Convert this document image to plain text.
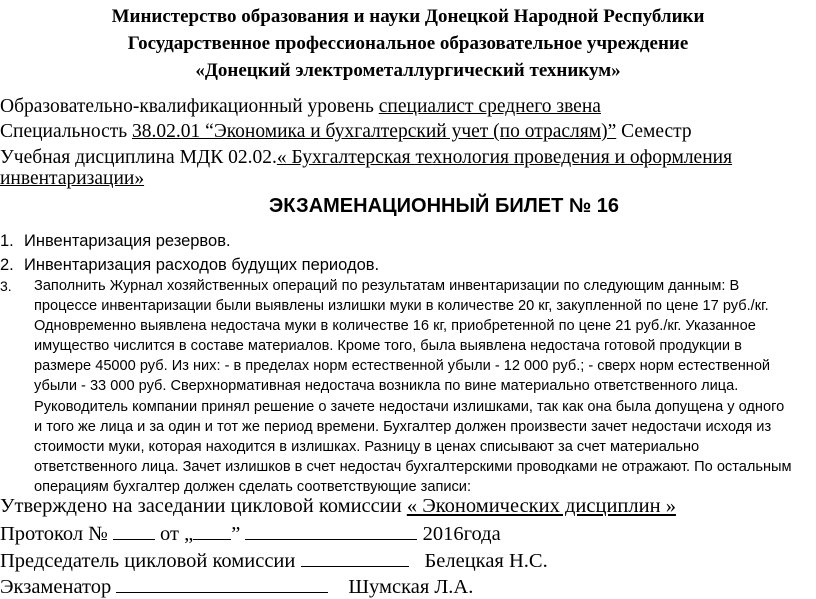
Министерство образования и науки Донецкой Народной Республики
Государственное профессиональное образовательное учреждение
«Донецкий электрометаллургический техникум»
Образовательно-квалификационный уровень специалист среднего звена
Специальность 38.02.01 “Экономика и бухгалтерский учет (по отраслям)” Семестр
Учебная дисциплина МДК 02.02.« Бухгалтерская технология проведения и оформления
инвентаризации»
ЭКЗАМЕНАЦИОННЫЙ БИЛЕТ № 16
1. Инвентаризация резервов.
2. Инвентаризация расходов будущих периодов.
3. Заполнить Журнал хозяйственных операций по результатам инвентаризации по следующим данным: В процессе инвентаризации были выявлены излишки муки в количестве 20 кг, закупленной по цене 17 руб./кг. Одновременно выявлена недостача муки в количестве 16 кг, приобретенной по цене 21 руб./кг. Указанное имущество числится в составе материалов. Кроме того, была выявлена недостача готовой продукции в размере 45000 руб. Из них: - в пределах норм естественной убыли - 12 000 руб.; - сверх норм естественной убыли - 33 000 руб. Сверхнормативная недостача возникла по вине материально ответственного лица. Руководитель компании принял решение о зачете недостачи излишками, так как она была допущена у одного и того же лица и за один и тот же период времени. Бухгалтер должен произвести зачет недостачи исходя из стоимости муки, которая находится в излишках. Разницу в ценах списывают за счет материально ответственного лица. Зачет излишков в счет недостач бухгалтерскими проводками не отражают. По остальным операциям бухгалтер должен сделать соответствующие записи:
Утверждено на заседании цикловой комиссии « Экономических дисциплин »
Протокол №  от „ ”	2016года
Председатель цикловой комиссии	Белецкая Н.С.
Экзаменатор	Шумская Л.А.
